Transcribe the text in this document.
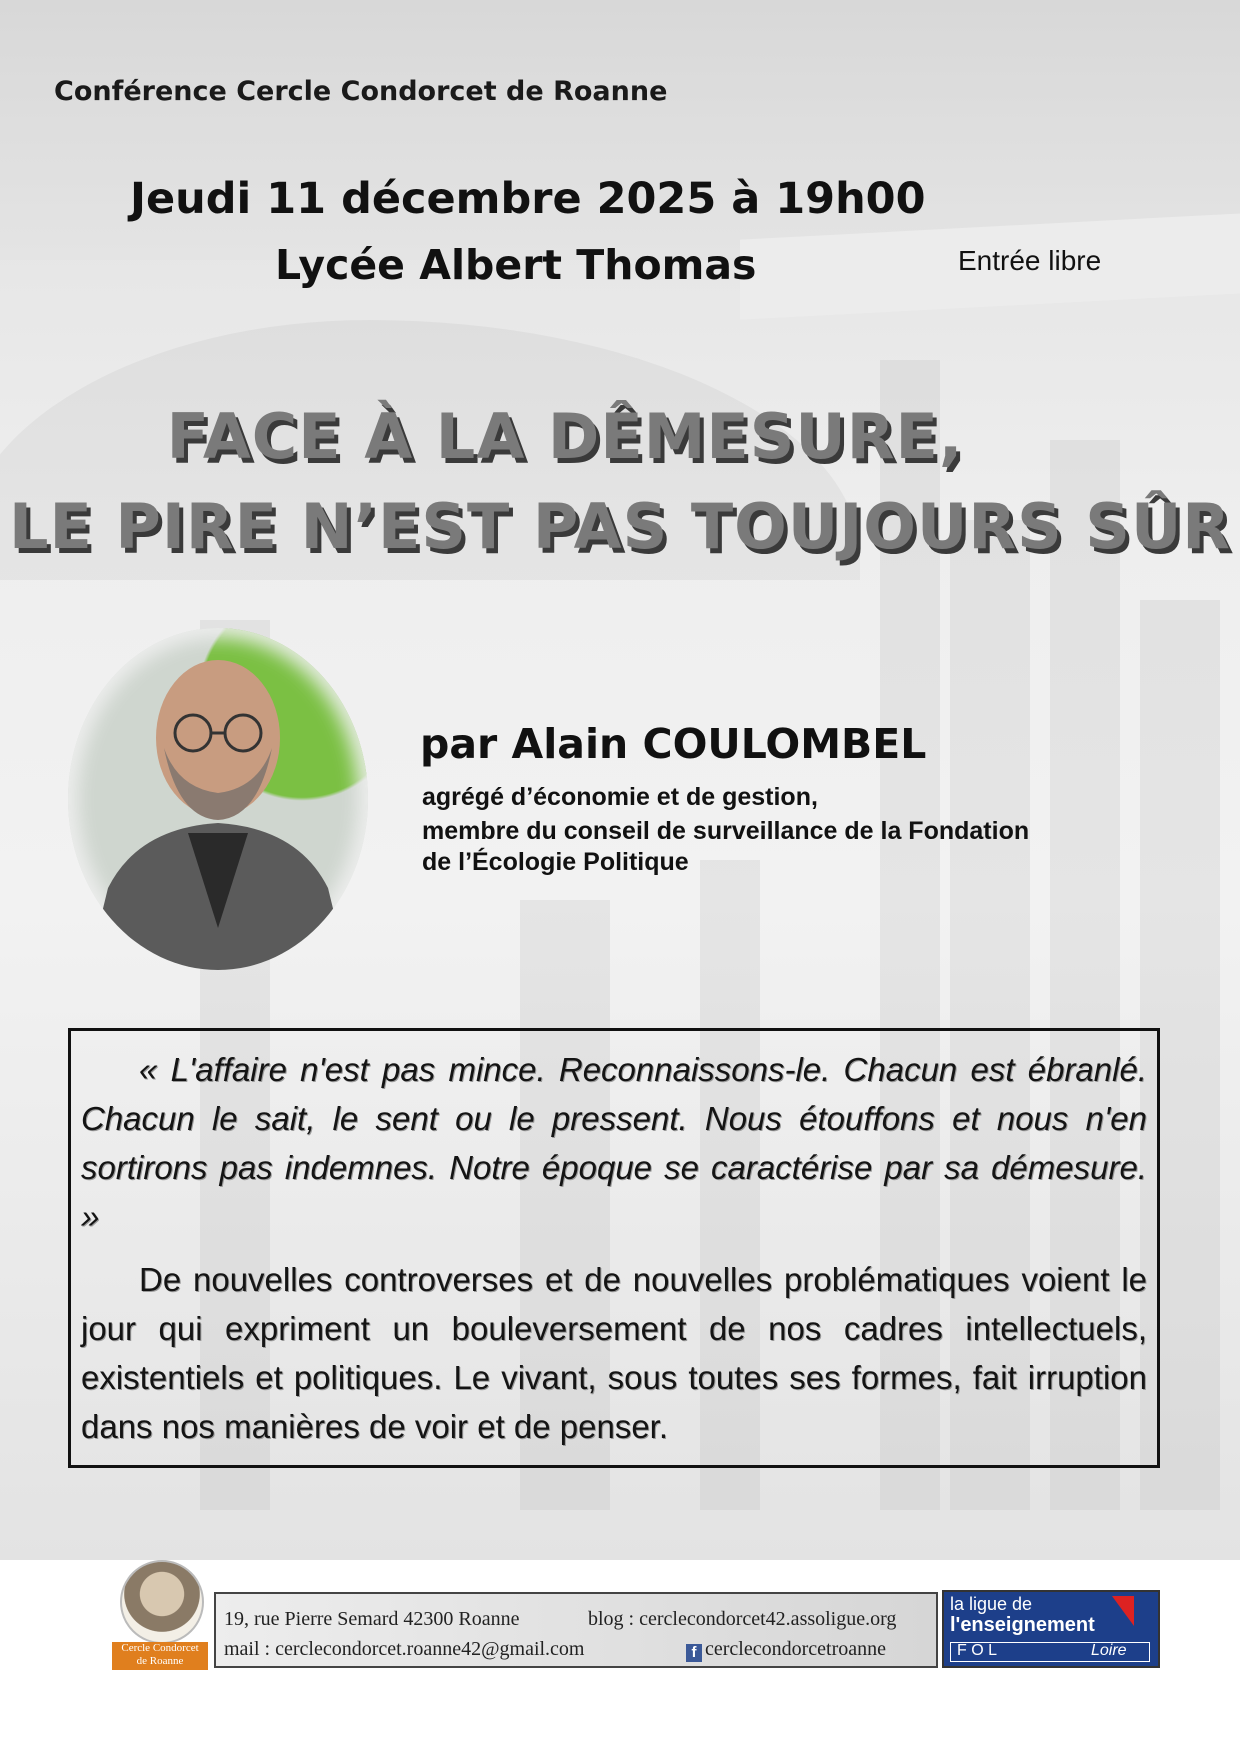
Conférence Cercle Condorcet de Roanne

Jeudi 11 décembre 2025 à 19h00

Lycée Albert Thomas	Entrée libre

FACE À LA DÊMESURE,

LE PIRE N’EST PAS TOUJOURS SÛR

par Alain COULOMBEL

agrégé d’économie et de gestion,

membre du conseil de surveillance de la Fondation

de l’Écologie Politique

« L'affaire n'est pas mince. Reconnaissons-le. Chacun est ébranlé. Chacun le sait, le sent ou le pressent. Nous étouffons et nous n'en sortirons pas indemnes. Notre époque se caractérise par sa démesure. »

De nouvelles controverses et de nouvelles problématiques voient le jour qui expriment un bouleversement de nos cadres intellectuels, existentiels et politiques. Le vivant, sous toutes ses formes, fait irruption dans nos manières de voir et de penser.

Cercle Condorcet
de Roanne
19, rue Pierre Semard 42300 Roanne	blog : cerclecondorcet42.assoligue.org
mail : cerclecondorcet.roanne42@gmail.com	f cerclecondorcetroanne
la ligue de
l'enseignement
F O L	Loire
